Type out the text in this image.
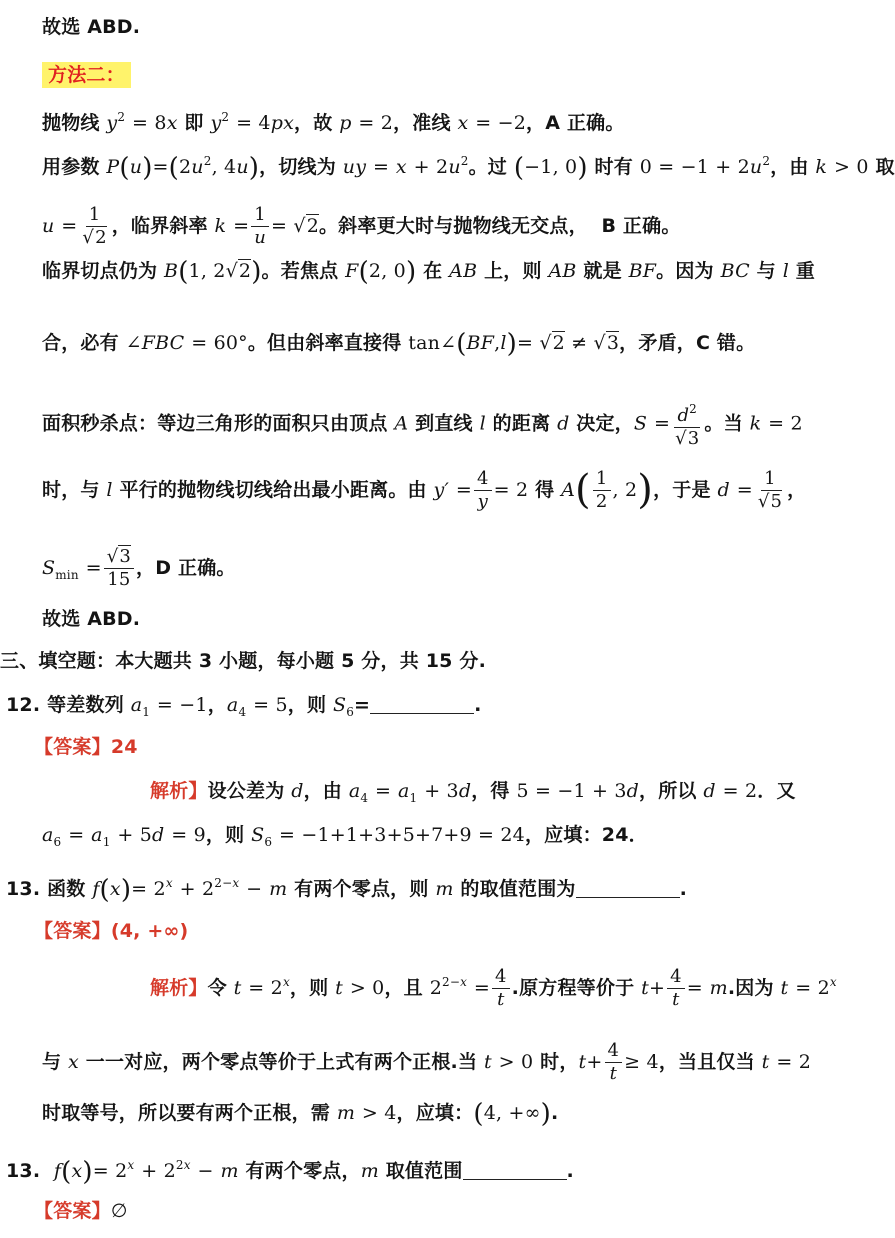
故选 ABD.
方法二：
抛物线 $y^2 = 8x$ 即 $y^2 = 4px$，故 p = 2，准线 x = −2，A 正确。
用参数 $P(u)=(2u^2$, 4u)，切线为 uy = $x + 2u^2$。过 (−1, 0) 时有 $0 = -1 + 2u^2$，由 k > 0 取
$u = \frac{1}{√2}$ ，临界斜率 $k = \frac{1}{u} = √2$。斜率更大时与抛物线无交点， B 正确。
临界切点仍为 B(1, 2√2)。若焦点 F(2, 0) 在 AB 上，则 AB 就是 BF。因为 BC 与 l 重
合，必有 ∠FBC = 60°。但由斜率直接得 tan∠(BF,l)= √2 ≠ √3，矛盾，C 错。
面积秒杀点：等边三角形的面积只由顶点 A 到直线 l 的距离 d 决定，$S = \frac{d^2}{√3}$ 。当 k = 2
时，与 l 平行的抛物线切线给出最小距离。由 $y' = \frac{4}{y} = 2$ 得 $A( \frac{1}{2}$ , 2)，于是 $d = \frac{1}{√5}$ ，
$S_{min} = \frac{√3}{15}$ ，D 正确。
故选 ABD.
三、填空题：本大题共 3 小题，每小题 5 分，共 15 分.
12. 等差数列 $a_1 = -1$，$a_4 = 5$，则 $S_6=$	.
【答案】24
解析】设公差为 d，由 $a_4 = a_1 + 3d$，得 5 = −1 + 3d，所以 d = 2．又
$a_6 = a_1 + 5d = 9$，则 $S_6 = -1+1+3+5+7+9 = 24$，应填：24．
13. 函数 $f(x)= 2^x + 2^{2-x} - m$ 有两个零点，则 m 的取值范围为	.
【答案】(4, +∞)
解析】令 $t = 2^x$，则 t > 0，且 $2^{2-x} = \frac{4}{t}$ .原方程等价于 $t+ \frac{4}{t} = m$.因为 $t = 2^x$
与 x 一一对应，两个零点等价于上式有两个正根.当 t > 0 时，$t+ \frac{4}{t} \ge 4$，当且仅当 t = 2
时取等号，所以要有两个正根，需 m > 4，应填：(4, +∞).
13. $f(x)= 2^x + 2^{2x} - m$ 有两个零点，m 取值范围	.
【答案】∅
